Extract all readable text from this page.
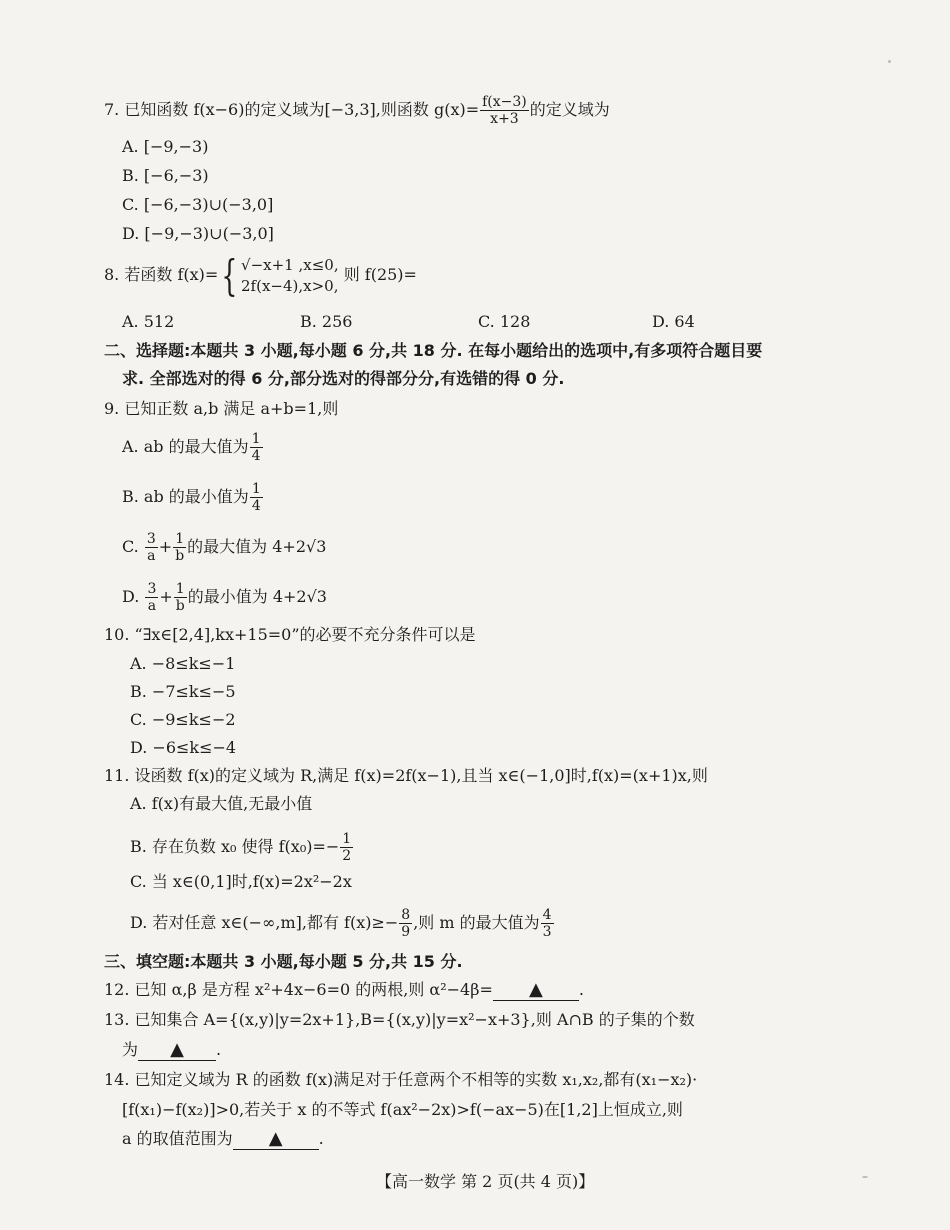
7. 已知函数 f(x−6)的定义域为[−3,3],则函数 $g(x)= \frac{f(x-3)}{x+3}$ 的定义域为
A. [−9,−3)
B. [−6,−3)
C. [−6,−3)∪(−3,0]
D. [−9,−3)∪(−3,0]
8. 若函数 f(x)= { √−x+1 ,x≤0,
2f(x−4),x>0,
则 f(25)=
A. 512	B. 256	C. 128	D. 64
二、选择题:本题共 3 小题,每小题 6 分,共 18 分. 在每小题给出的选项中,有多项符合题目要
求. 全部选对的得 6 分,部分选对的得部分分,有选错的得 0 分.
9. 已知正数 a,b 满足 a+b=1,则
A. ab 的最大值为 $\frac{1}{4}$
B. ab 的最小值为 $\frac{1}{4}$
C. $\frac{3}{a} + \frac{1}{b}$ 的最大值为 4+2√3
D. $\frac{3}{a} + \frac{1}{b}$ 的最小值为 4+2√3
10. “∃x∈[2,4],kx+15=0”的必要不充分条件可以是
A. −8≤k≤−1
B. −7≤k≤−5
C. −9≤k≤−2
D. −6≤k≤−4
11. 设函数 f(x)的定义域为 R,满足 f(x)=2f(x−1),且当 x∈(−1,0]时,f(x)=(x+1)x,则
A. f(x)有最大值,无最小值
B. 存在负数 x₀ 使得 $f(x_0)=- \frac{1}{2}$
C. 当 x∈(0,1]时,f(x)=2x²−2x
D. 若对任意 x∈(−∞,m],都有 $f(x)\ge- \frac{8}{9}$ ,则 m 的最大值为 $\frac{4}{3}$
三、填空题:本题共 3 小题,每小题 5 分,共 15 分.
12. 已知 α,β 是方程 x²+4x−6=0 的两根,则 α²−4β= ▲ .
13. 已知集合 A={(x,y)|y=2x+1},B={(x,y)|y=x²−x+3},则 A∩B 的子集的个数
为 ▲ .
14. 已知定义域为 R 的函数 f(x)满足对于任意两个不相等的实数 x₁,x₂,都有(x₁−x₂)·
[f(x₁)−f(x₂)]>0,若关于 x 的不等式 f(ax²−2x)>f(−ax−5)在[1,2]上恒成立,则
a 的取值范围为 ▲ .
【高一数学 第 2 页(共 4 页)】
